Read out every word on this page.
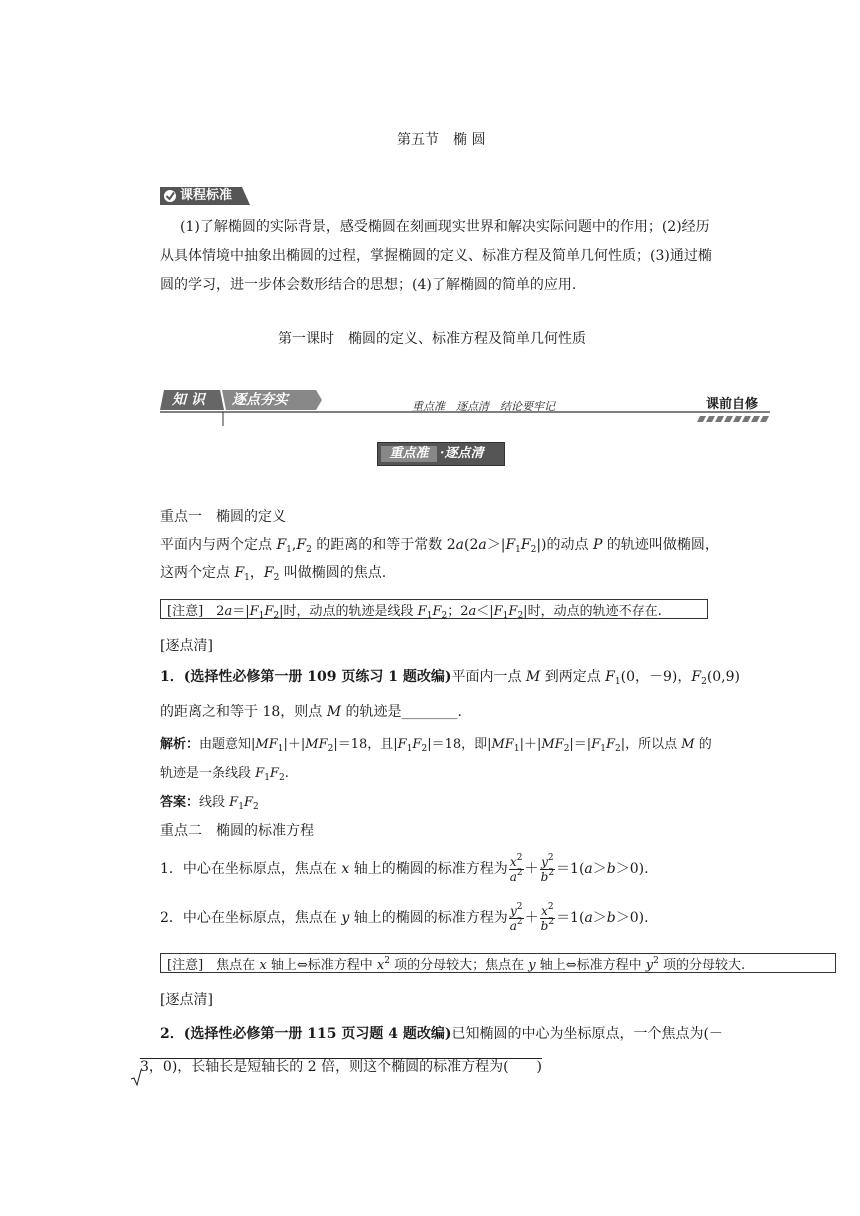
第五节　椭 圆
课程标准
(1)了解椭圆的实际背景，感受椭圆在刻画现实世界和解决实际问题中的作用；(2)经历
从具体情境中抽象出椭圆的过程，掌握椭圆的定义、标准方程及简单几何性质；(3)通过椭
圆的学习，进一步体会数形结合的思想；(4)了解椭圆的简单的应用.
第一课时　椭圆的定义、标准方程及简单几何性质
知 识 逐点夯实	重点准　逐点清　结论要牢记	课前自修
重点准 ·逐点清
重点一　椭圆的定义
平面内与两个定点 $F_1,F_2$ 的距离的和等于常数 $2a(2a>|F_1F_2|)$的动点 P 的轨迹叫做椭圆，
这两个定点 $F_1$，$F_2$ 叫做椭圆的焦点.
[注意]　$2a=|F_1F_2|$时，动点的轨迹是线段 $F_1F_2$；$2a<|F_1F_2|$时，动点的轨迹不存在.
[逐点清]
1．(选择性必修第一册 109 页练习 1 题改编)平面内一点 M 到两定点 $F_1(0$，－9)，$F_2(0,9)$
的距离之和等于 18，则点 M 的轨迹是________.
解析：由题意知$|MF_1|+|MF_2|=18$，且$|F_1F_2|=18$，即$|MF_1|+|MF_2|=|F_1F_2|$，所以点 M 的
轨迹是一条线段 $F_1F_2$.
答案：线段 $F_1F_2$
重点二　椭圆的标准方程
1．中心在坐标原点，焦点在 x 轴上的椭圆的标准方程为 $\frac{x^2}{a^2} + \frac{y^2}{b^2} =1(a>b>0)$.
2．中心在坐标原点，焦点在 y 轴上的椭圆的标准方程为 $\frac{y^2}{a^2} + \frac{x^2}{b^2} =1(a>b>0)$.
[注意]　 焦点在 x 轴上⇔标准方程中 $x^2$ 项的分母较大；焦点在 y 轴上⇔标准方程中 $y^2$ 项的分母较大.
[逐点清]
2．(选择性必修第一册 115 页习题 4 题改编)已知椭圆的中心为坐标原点，一个焦点为(－
3，0)，长轴长是短轴长的 2 倍，则这个椭圆的标准方程为(　　)
